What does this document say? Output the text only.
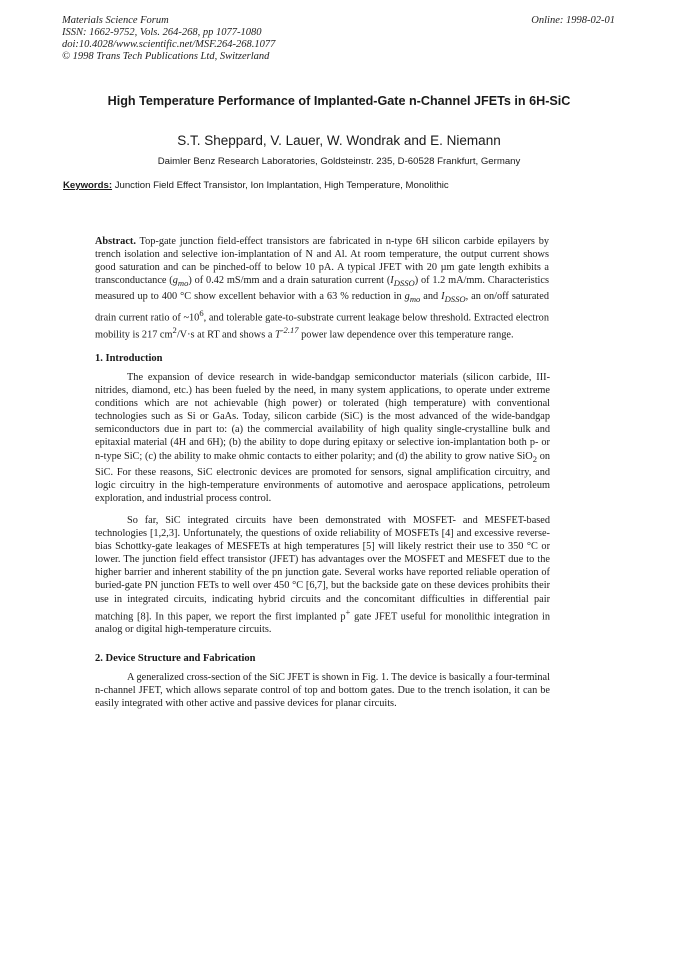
Materials Science Forum
ISSN: 1662-9752, Vols. 264-268, pp 1077-1080
doi:10.4028/www.scientific.net/MSF.264-268.1077
© 1998 Trans Tech Publications Ltd, Switzerland
Online: 1998-02-01
High Temperature Performance of Implanted-Gate n-Channel JFETs in 6H-SiC
S.T. Sheppard, V. Lauer, W. Wondrak and E. Niemann
Daimler Benz Research Laboratories, Goldsteinstr. 235, D-60528 Frankfurt, Germany
Keywords: Junction Field Effect Transistor, Ion Implantation, High Temperature, Monolithic
Abstract. Top-gate junction field-effect transistors are fabricated in n-type 6H silicon carbide epilayers by trench isolation and selective ion-implantation of N and Al. At room temperature, the output current shows good saturation and can be pinched-off to below 10 pA. A typical JFET with 20 µm gate length exhibits a transconductance $(g_{mo})$ of 0.42 mS/mm and a drain saturation current $(I_{DSSO})$ of 1.2 mA/mm. Characteristics measured up to 400 °C show excellent behavior with a 63 % reduction in $g_{mo}$ and $I_{DSSO}$, an on/off saturated drain current ratio of $\sim 10^6$, and tolerable gate-to-substrate current leakage below threshold. Extracted electron mobility is 217 $cm^2/V\cdot s$ at RT and shows a $T^{-2.17}$ power law dependence over this temperature range.
1. Introduction
The expansion of device research in wide-bandgap semiconductor materials (silicon carbide, III-nitrides, diamond, etc.) has been fueled by the need, in many system applications, to operate under extreme conditions which are not achievable (high power) or tolerated (high temperature) with conventional technologies such as Si or GaAs. Today, silicon carbide (SiC) is the most advanced of the wide-bandgap semiconductors due in part to: (a) the commercial availability of high quality single-crystalline bulk and epitaxial material (4H and 6H); (b) the ability to dope during epitaxy or selective ion-implantation both p- or n-type SiC; (c) the ability to make ohmic contacts to either polarity; and (d) the ability to grow native SiO$_2$ on SiC. For these reasons, SiC electronic devices are promoted for sensors, signal amplification circuitry, and logic circuitry in the high-temperature environments of automotive and aerospace applications, petroleum exploration, and industrial process control.
So far, SiC integrated circuits have been demonstrated with MOSFET- and MESFET-based technologies [1,2,3]. Unfortunately, the questions of oxide reliability of MOSFETs [4] and excessive reverse-bias Schottky-gate leakages of MESFETs at high temperatures [5] will likely restrict their use to 350 °C or lower. The junction field effect transistor (JFET) has advantages over the MOSFET and MESFET due to the higher barrier and inherent stability of the pn junction gate. Several works have reported reliable operation of buried-gate PN junction FETs to well over 450 °C [6,7], but the backside gate on these devices prohibits their use in integrated circuits, indicating hybrid circuits and the concomitant difficulties in differential pair matching [8]. In this paper, we report the first implanted p+ gate JFET useful for monolithic integration in analog or digital high-temperature circuits.
2. Device Structure and Fabrication
A generalized cross-section of the SiC JFET is shown in Fig. 1. The device is basically a four-terminal n-channel JFET, which allows separate control of top and bottom gates. Due to the trench isolation, it can be easily integrated with other active and passive devices for planar circuits.
